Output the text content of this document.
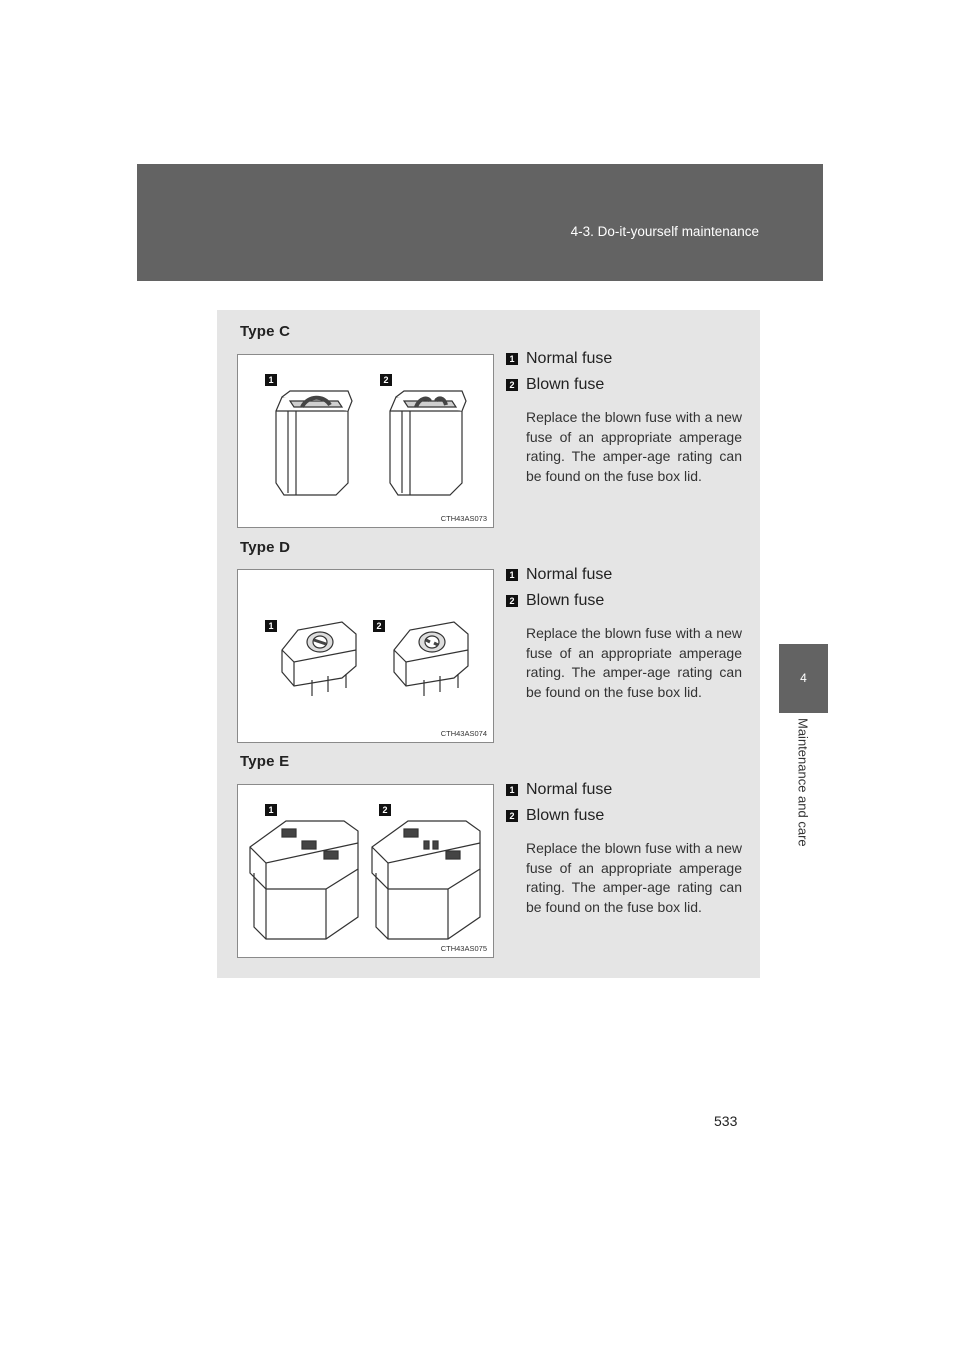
4-3. Do-it-yourself maintenance
4
Maintenance and care
Type C
1	2
CTH43AS073
1 Normal fuse
2 Blown fuse
Replace the blown fuse with a new fuse of an appropriate amperage rating. The amper-age rating can be found on the fuse box lid.
Type D
1	2
CTH43AS074
1 Normal fuse
2 Blown fuse
Replace the blown fuse with a new fuse of an appropriate amperage rating. The amper-age rating can be found on the fuse box lid.
Type E
1	2
CTH43AS075
1 Normal fuse
2 Blown fuse
Replace the blown fuse with a new fuse of an appropriate amperage rating. The amper-age rating can be found on the fuse box lid.
533
